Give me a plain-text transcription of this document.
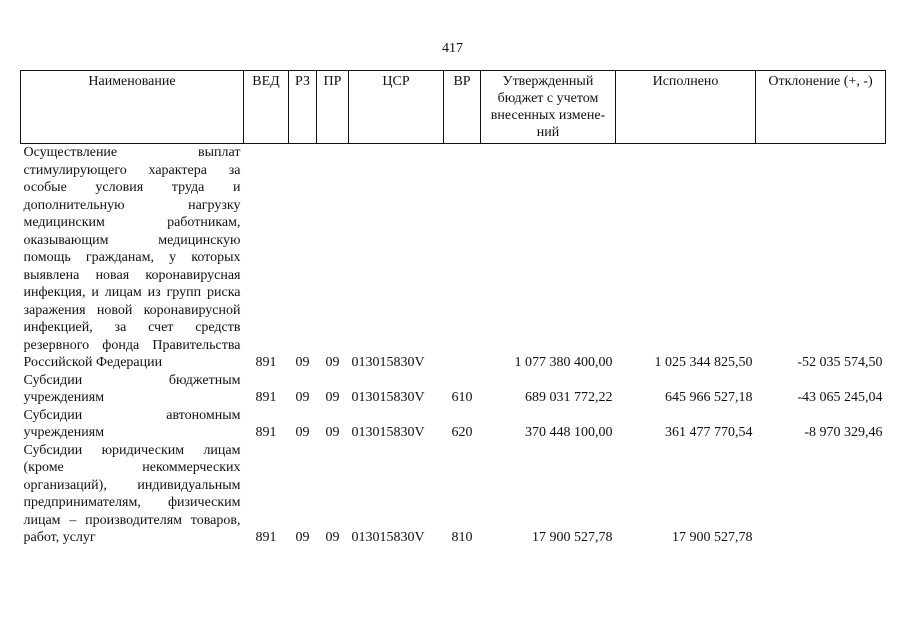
417
Наименование	ВЕД	РЗ	ПР	ЦСР	ВР	Утвержденный бюджет с учетом внесенных измене-ний	Исполнено	Отклонение (+, -)
Осуществление выплат стимулирующего характера за особые условия труда и дополнительную нагрузку медицинским работникам, оказывающим медицинскую помощь гражданам, у которых выявлена новая коронавирусная инфекция, и лицам из групп риска заражения новой коронавирусной инфекцией, за счет средств резервного фонда Правительства Российской Федерации	891	09	09	013015830V		1 077 380 400,00	1 025 344 825,50	-52 035 574,50
Субсидии бюджетным учреждениям	891	09	09	013015830V	610	689 031 772,22	645 966 527,18	-43 065 245,04
Субсидии автономным учреждениям	891	09	09	013015830V	620	370 448 100,00	361 477 770,54	-8 970 329,46
Субсидии юридическим лицам (кроме некоммерческих организаций), индивидуальным предпринимателям, физическим лицам – производителям товаров, работ, услуг	891	09	09	013015830V	810	17 900 527,78	17 900 527,78	
